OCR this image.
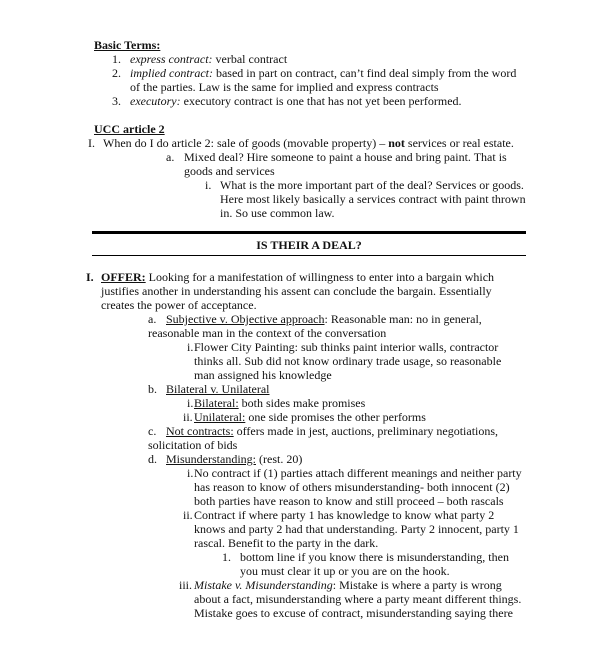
Basic Terms:
1. express contract: verbal contract
2. implied contract: based in part on contract, can’t find deal simply from the word
of the parties. Law is the same for implied and express contracts
3. executory: executory contract is one that has not yet been performed.
UCC article 2
I. When do I do article 2: sale of goods (movable property) – not services or real estate.
a. Mixed deal? Hire someone to paint a house and bring paint. That is
goods and services
i. What is the more important part of the deal? Services or goods.
Here most likely basically a services contract with paint thrown
in. So use common law.
IS THEIR A DEAL?
I. OFFER: Looking for a manifestation of willingness to enter into a bargain which
justifies another in understanding his assent can conclude the bargain. Essentially
creates the power of acceptance.
a. Subjective v. Objective approach: Reasonable man: no in general,
reasonable man in the context of the conversation
i. Flower City Painting: sub thinks paint interior walls, contractor
thinks all. Sub did not know ordinary trade usage, so reasonable
man assigned his knowledge
b. Bilateral v. Unilateral
i. Bilateral: both sides make promises
ii. Unilateral: one side promises the other performs
c. Not contracts: offers made in jest, auctions, preliminary negotiations,
solicitation of bids
d. Misunderstanding: (rest. 20)
i. No contract if (1) parties attach different meanings and neither party
has reason to know of others misunderstanding- both innocent (2)
both parties have reason to know and still proceed – both rascals
ii. Contract if where party 1 has knowledge to know what party 2
knows and party 2 had that understanding. Party 2 innocent, party 1
rascal. Benefit to the party in the dark.
1. bottom line if you know there is misunderstanding, then
you must clear it up or you are on the hook.
iii. Mistake v. Misunderstanding: Mistake is where a party is wrong
about a fact, misunderstanding where a party meant different things.
Mistake goes to excuse of contract, misunderstanding saying there
